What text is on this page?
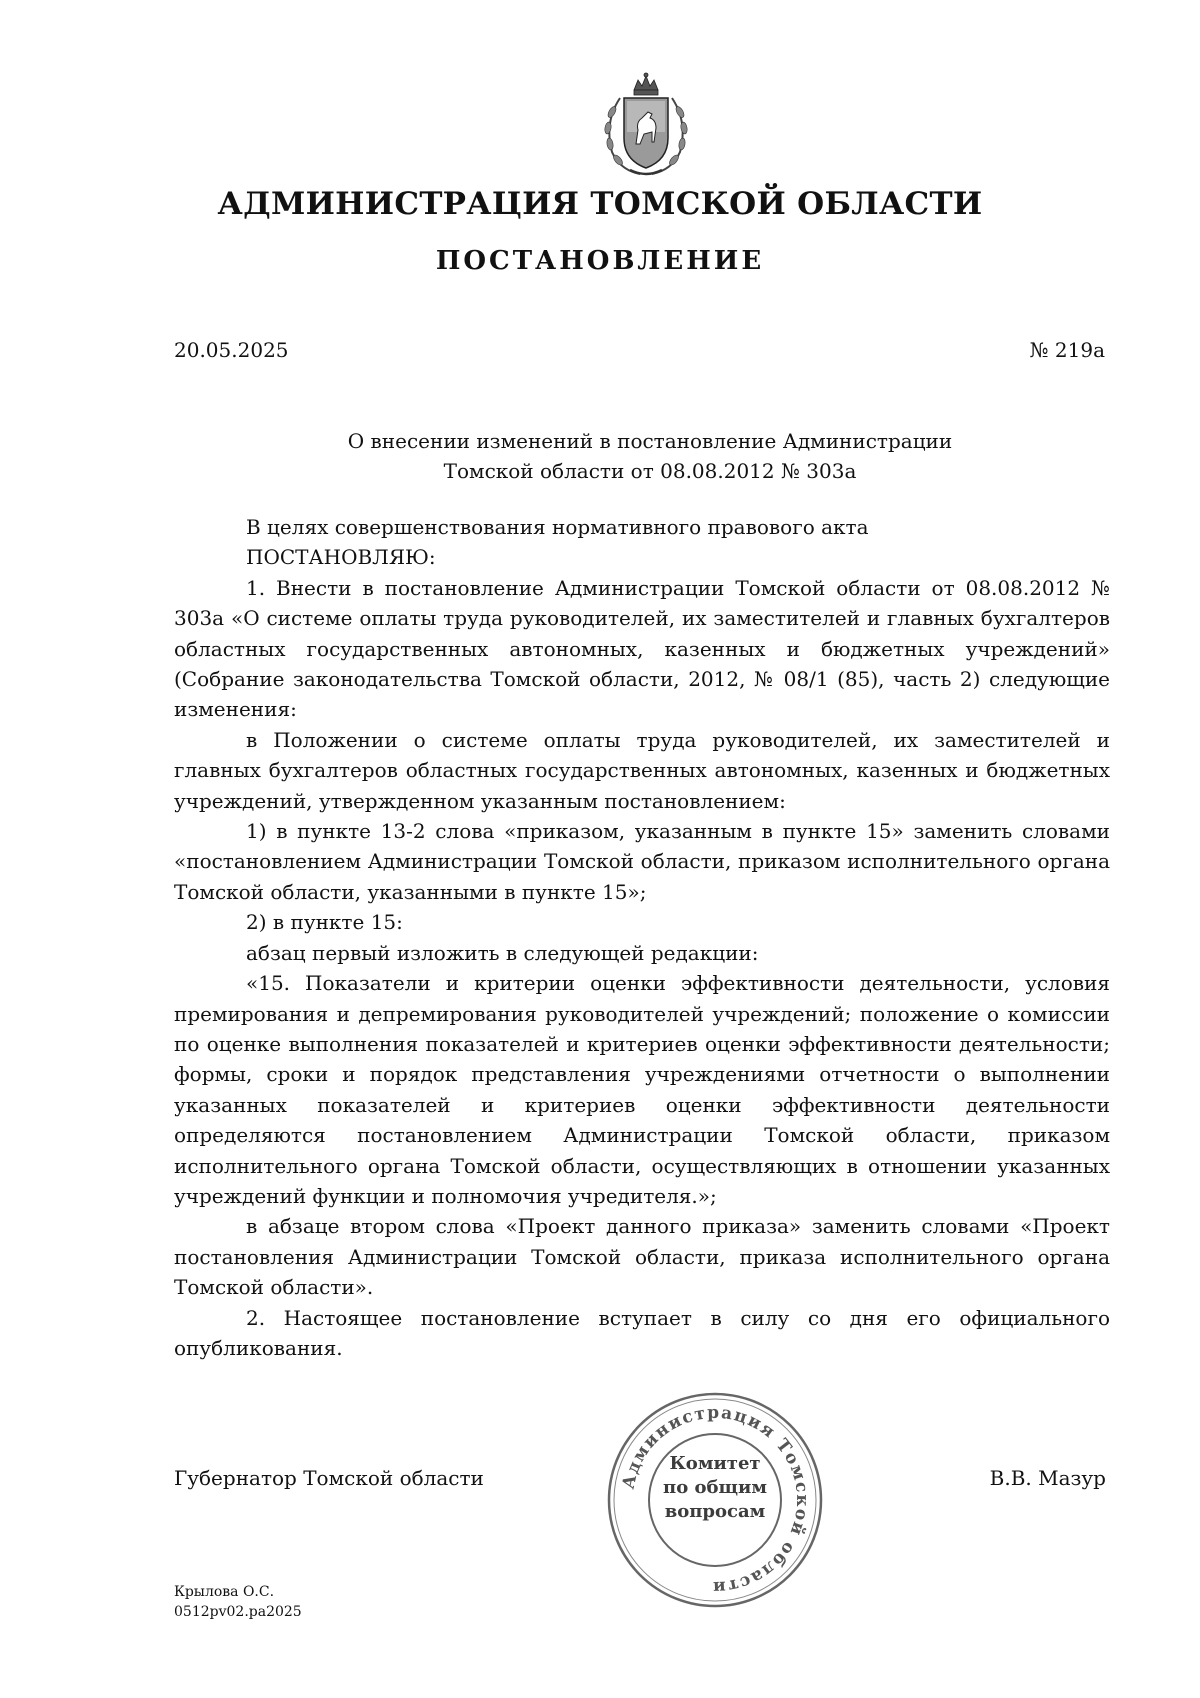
АДМИНИСТРАЦИЯ ТОМСКОЙ ОБЛАСТИ
ПОСТАНОВЛЕНИЕ
20.05.2025	№ 219а
О внесении изменений в постановление Администрации
Томской области от 08.08.2012 № 303а

В целях совершенствования нормативного правового акта

ПОСТАНОВЛЯЮ:

1. Внести в постановление Администрации Томской области от 08.08.2012 № 303а «О системе оплаты труда руководителей, их заместителей и главных бухгалтеров областных государственных автономных, казенных и бюджетных учреждений» (Собрание законодательства Томской области, 2012, № 08/1 (85), часть 2) следующие изменения:

в Положении о системе оплаты труда руководителей, их заместителей и главных бухгалтеров областных государственных автономных, казенных и бюджетных учреждений, утвержденном указанным постановлением:

1) в пункте 13-2 слова «приказом, указанным в пункте 15» заменить словами «постановлением Администрации Томской области, приказом исполнительного органа Томской области, указанными в пункте 15»;

2) в пункте 15:

абзац первый изложить в следующей редакции:

«15. Показатели и критерии оценки эффективности деятельности, условия премирования и депремирования руководителей учреждений; положение о комиссии по оценке выполнения показателей и критериев оценки эффективности деятельности; формы, сроки и порядок представления учреждениями отчетности о выполнении указанных показателей и критериев оценки эффективности деятельности определяются постановлением Администрации Томской области, приказом исполнительного органа Томской области, осуществляющих в отношении указанных учреждений функции и полномочия учредителя.»;

в абзаце втором слова «Проект данного приказа» заменить словами «Проект постановления Администрации Томской области, приказа исполнительного органа Томской области».

2. Настоящее постановление вступает в силу со дня его официального опубликования.

Губернатор Томской области	В.В. Мазур
Администрация Томской области
Комитет
по общим
вопросам
Крылова О.С.
0512pv02.pa2025
